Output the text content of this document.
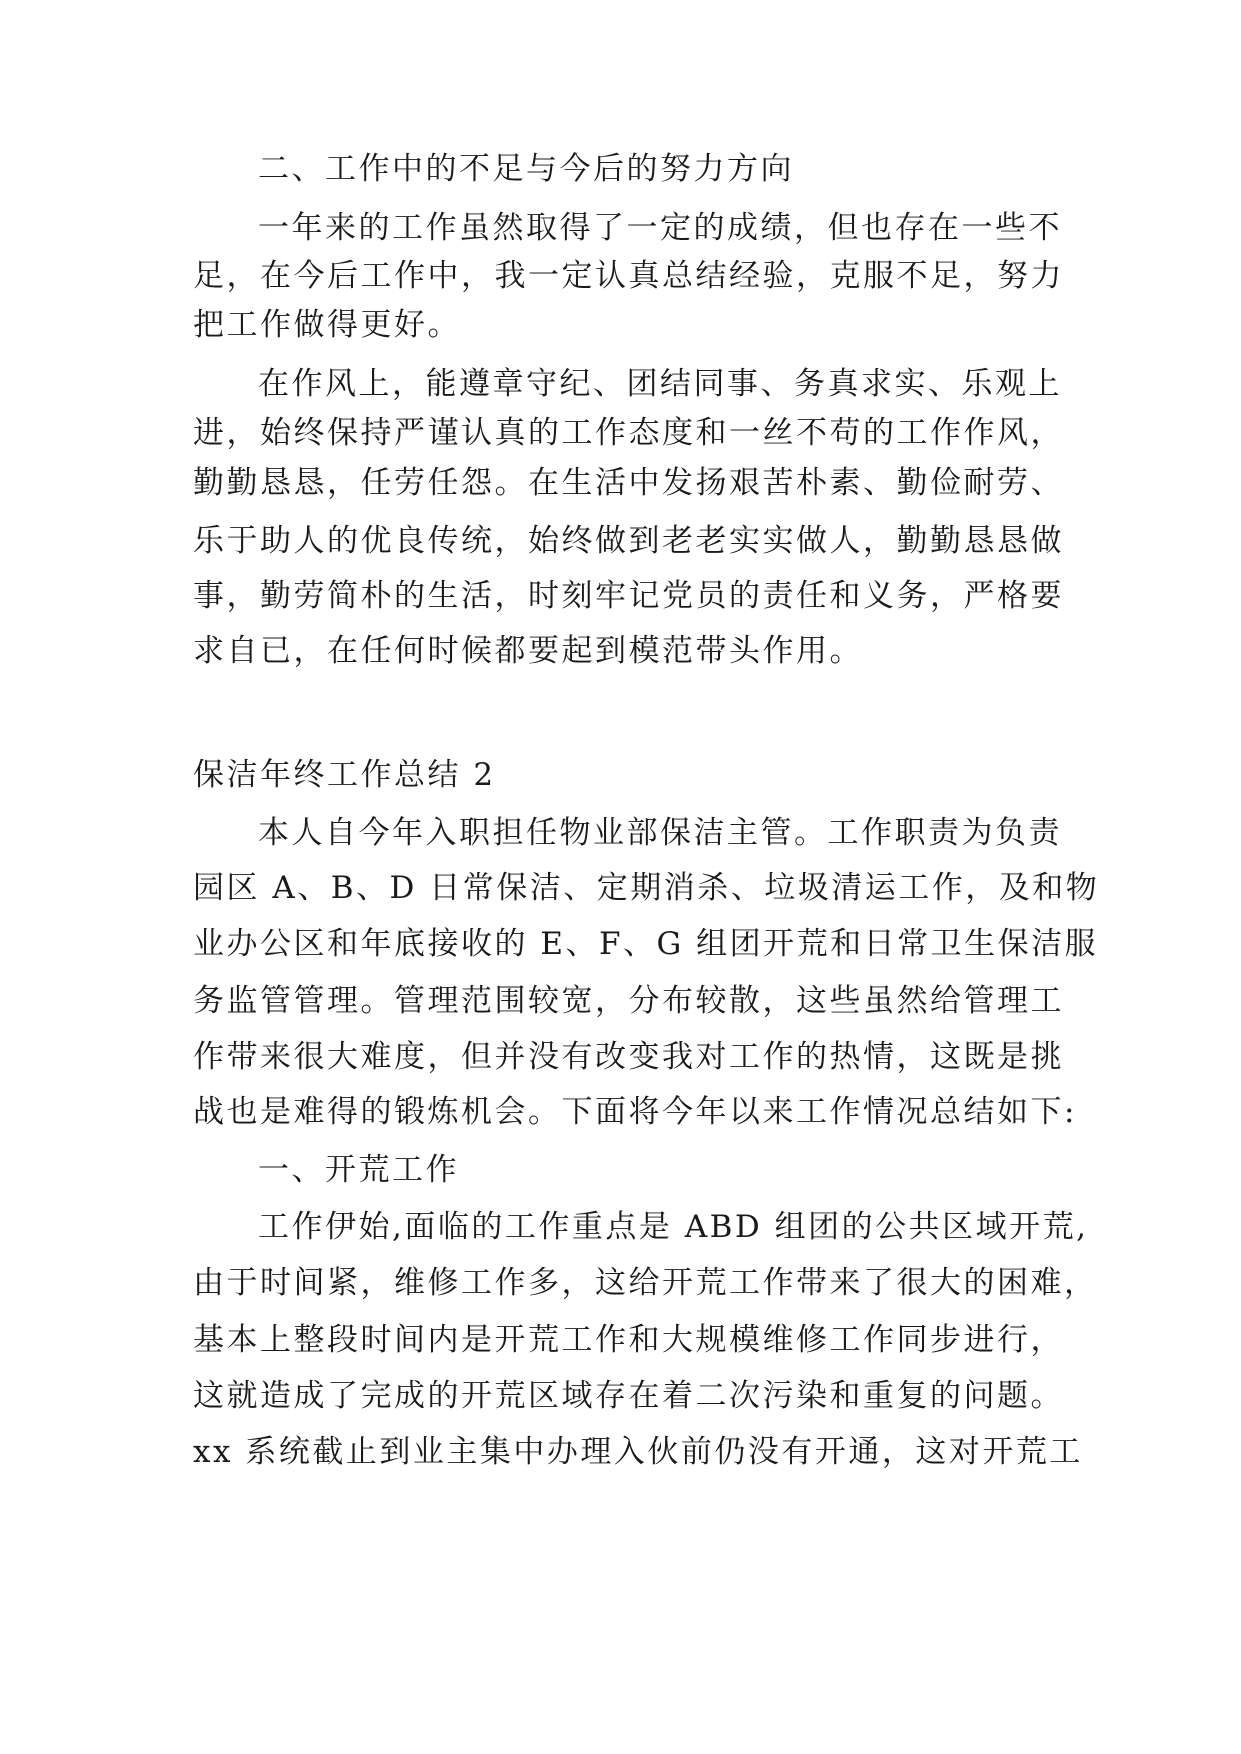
二、工作中的不足与今后的努力方向
一年来的工作虽然取得了一定的成绩，但也存在一些不
足，在今后工作中，我一定认真总结经验，克服不足，努力
把工作做得更好。
在作风上，能遵章守纪、团结同事、务真求实、乐观上
进，始终保持严谨认真的工作态度和一丝不苟的工作作风，
勤勤恳恳，任劳任怨。在生活中发扬艰苦朴素、勤俭耐劳、
乐于助人的优良传统，始终做到老老实实做人，勤勤恳恳做
事，勤劳简朴的生活，时刻牢记党员的责任和义务，严格要
求自已，在任何时候都要起到模范带头作用。
保洁年终工作总结 2
本人自今年入职担任物业部保洁主管。工作职责为负责
园区 A、B、D 日常保洁、定期消杀、垃圾清运工作，及和物
业办公区和年底接收的 E、F、G 组团开荒和日常卫生保洁服
务监管管理。管理范围较宽，分布较散，这些虽然给管理工
作带来很大难度，但并没有改变我对工作的热情，这既是挑
战也是难得的锻炼机会。下面将今年以来工作情况总结如下:
一、开荒工作
工作伊始,面临的工作重点是 ABD 组团的公共区域开荒,
由于时间紧，维修工作多，这给开荒工作带来了很大的困难，
基本上整段时间内是开荒工作和大规模维修工作同步进行，
这就造成了完成的开荒区域存在着二次污染和重复的问题。
xx 系统截止到业主集中办理入伙前仍没有开通，这对开荒工
